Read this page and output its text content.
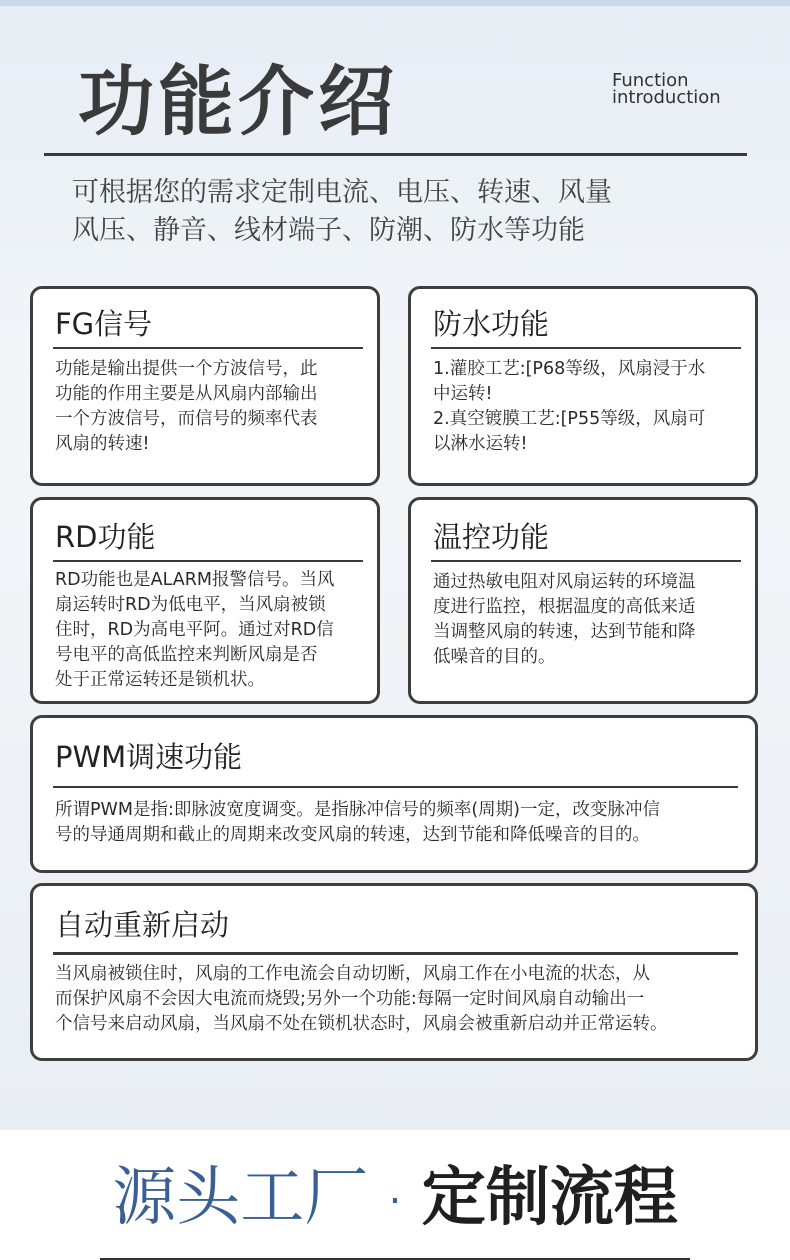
功能介绍	Function
introduction
可根据您的需求定制电流、电压、转速、风量
风压、静音、线材端子、防潮、防水等功能
FG信号
功能是输出提供一个方波信号，此
功能的作用主要是从风扇内部输出
一个方波信号，而信号的频率代表
风扇的转速!
防水功能
1.灌胶工艺:[P68等级，风扇浸于水
中运转!
2.真空镀膜工艺:[P55等级，风扇可
以淋水运转!
RD功能
RD功能也是ALARM报警信号。当风
扇运转时RD为低电平，当风扇被锁
住时，RD为高电平阿。通过对RD信
号电平的高低监控来判断风扇是否
处于正常运转还是锁机状。
温控功能
通过热敏电阻对风扇运转的环境温
度进行监控，根据温度的高低来适
当调整风扇的转速，达到节能和降
低噪音的目的。
PWM调速功能
所谓PWM是指:即脉波宽度调变。是指脉冲信号的频率(周期)一定，改变脉冲信
号的导通周期和截止的周期来改变风扇的转速，达到节能和降低噪音的目的。
自动重新启动
当风扇被锁住时，风扇的工作电流会自动切断，风扇工作在小电流的状态，从
而保护风扇不会因大电流而烧毁;另外一个功能:每隔一定时间风扇自动输出一
个信号来启动风扇，当风扇不处在锁机状态时，风扇会被重新启动并正常运转。
源头工厂 · 定制流程
